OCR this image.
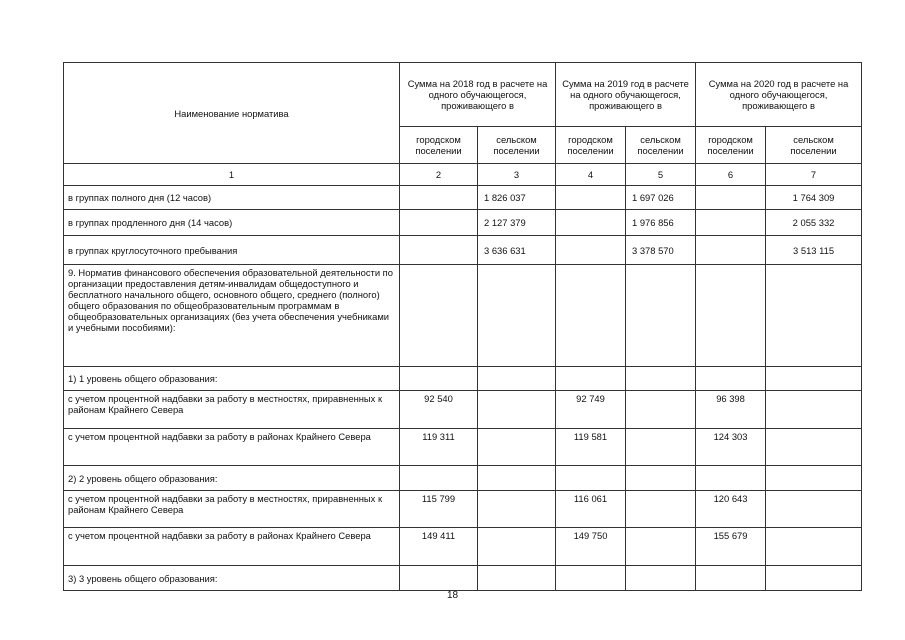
Наименование норматива	Сумма на 2018 год в расчете на одного обучающегося, проживающего в		Сумма на 2019 год в расчете на одного обучающегося, проживающего в		Сумма на 2020 год в расчете на одного обучающегося, проживающего в	
	городском поселении	сельском поселении	городском поселении	сельском поселении	городском поселении	сельском поселении
1	2	3	4	5	6	7
в группах полного дня (12 часов)		1 826 037		1 697 026		1 764 309
в группах продленного дня (14 часов)		2 127 379		1 976 856		2 055 332
в группах круглосуточного пребывания		3 636 631		3 378 570		3 513 115
9. Норматив финансового обеспечения образовательной деятельности по организации предоставления детям-инвалидам общедоступного и бесплатного начального общего, основного общего, среднего (полного) общего образования по общеобразовательным программам в общеобразовательных организациях (без учета обеспечения учебниками и учебными пособиями):						
1) 1 уровень общего образования:						
с учетом процентной надбавки за работу в местностях, приравненных к районам Крайнего Севера	92 540		92 749		96 398	
с учетом процентной надбавки за работу в районах Крайнего Севера	119 311		119 581		124 303	
2) 2 уровень общего образования:						
с учетом процентной надбавки за работу в местностях, приравненных к районам Крайнего Севера	115 799		116 061		120 643	
с учетом процентной надбавки за работу в районах Крайнего Севера	149 411		149 750		155 679	
3) 3 уровень общего образования:						
18
